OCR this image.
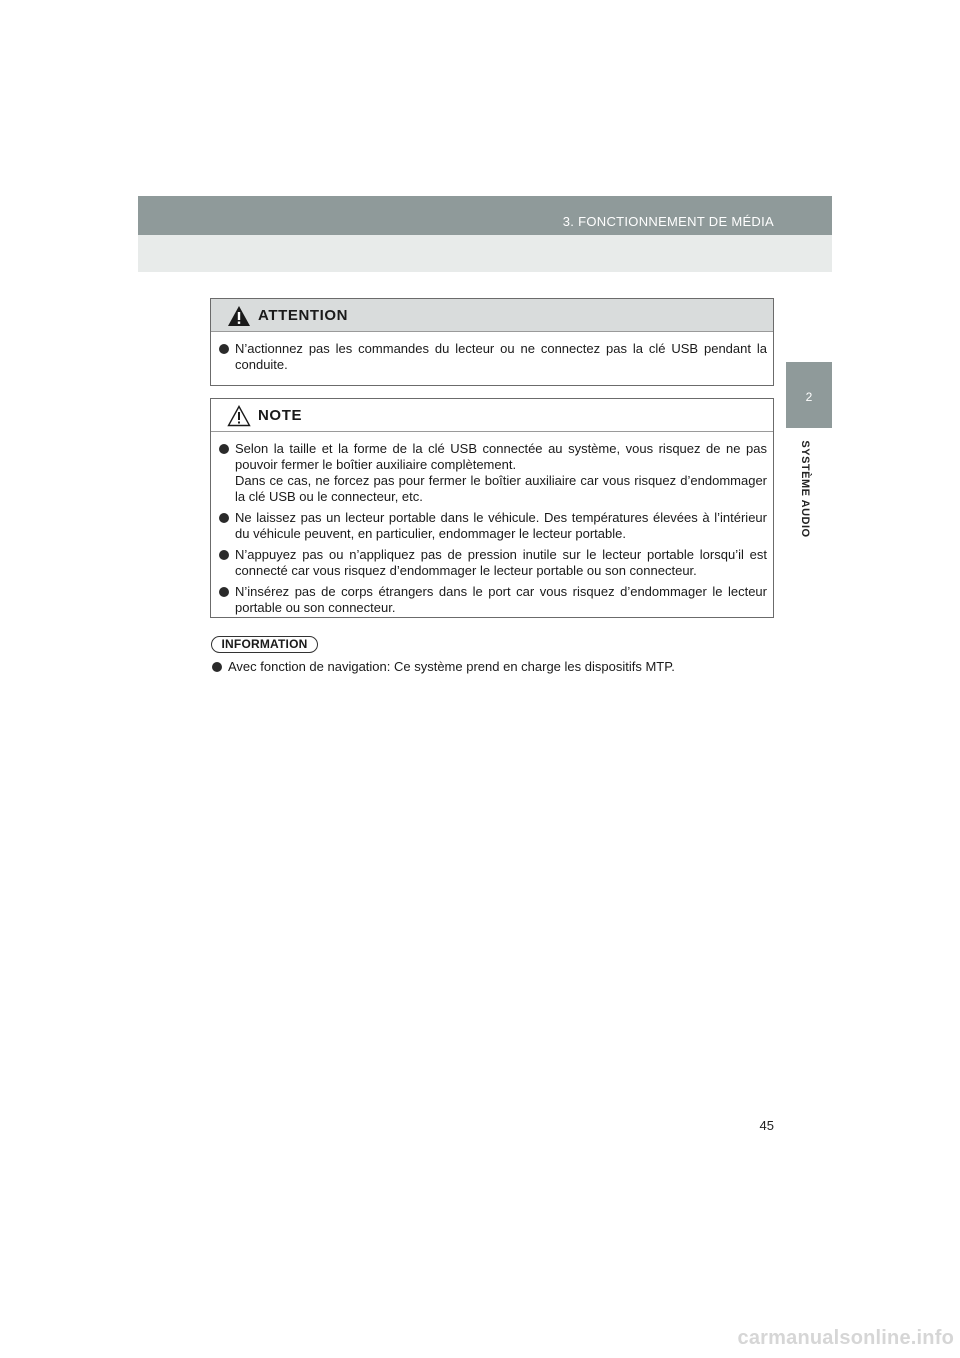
3. FONCTIONNEMENT DE MÉDIA
2
SYSTÈME AUDIO
ATTENTION
N’actionnez pas les commandes du lecteur ou ne connectez pas la clé USB pendant la conduite.
NOTE
Selon la taille et la forme de la clé USB connectée au système, vous risquez de ne pas pouvoir fermer le boîtier auxiliaire complètement.
Dans ce cas, ne forcez pas pour fermer le boîtier auxiliaire car vous risquez d’endommager la clé USB ou le connecteur, etc.
Ne laissez pas un lecteur portable dans le véhicule. Des températures élevées à l’intérieur du véhicule peuvent, en particulier, endommager le lecteur portable.
N’appuyez pas ou n’appliquez pas de pression inutile sur le lecteur portable lorsqu’il est connecté car vous risquez d’endommager le lecteur portable ou son connecteur.
N’insérez pas de corps étrangers dans le port car vous risquez d’endommager le lecteur portable ou son connecteur.
INFORMATION
Avec fonction de navigation: Ce système prend en charge les dispositifs MTP.
45
carmanualsonline.info
